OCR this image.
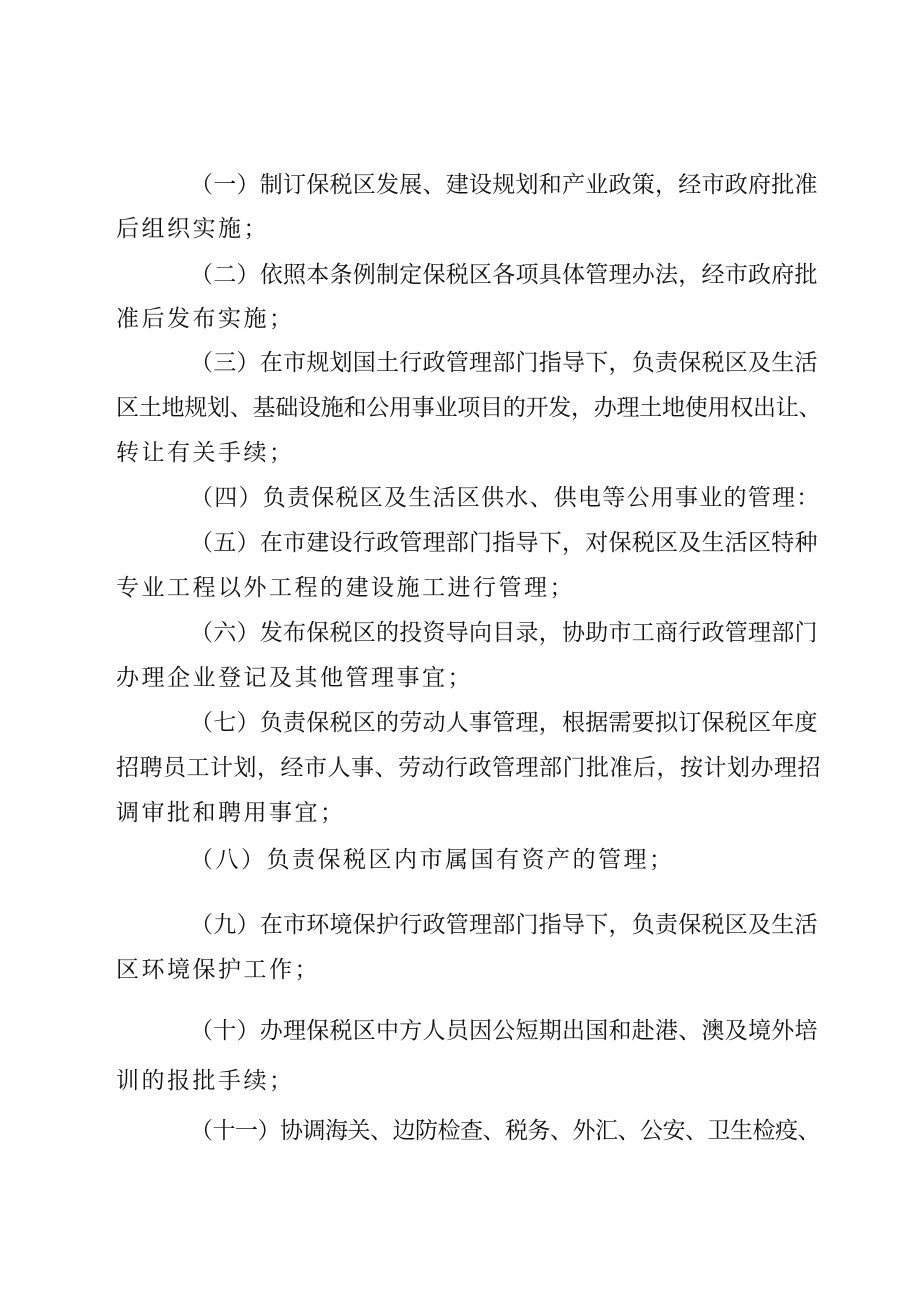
（一）制订保税区发展、建设规划和产业政策，经市政府批准
后组织实施；
（二）依照本条例制定保税区各项具体管理办法，经市政府批
准后发布实施；
（三）在市规划国土行政管理部门指导下，负责保税区及生活
区土地规划、基础设施和公用事业项目的开发，办理土地使用权出让、
转让有关手续；
（四）负责保税区及生活区供水、供电等公用事业的管理：
（五）在市建设行政管理部门指导下，对保税区及生活区特种
专业工程以外工程的建设施工进行管理；
（六）发布保税区的投资导向目录，协助市工商行政管理部门
办理企业登记及其他管理事宜；
（七）负责保税区的劳动人事管理，根据需要拟订保税区年度
招聘员工计划，经市人事、劳动行政管理部门批准后，按计划办理招
调审批和聘用事宜；
（八）负责保税区内市属国有资产的管理；
（九）在市环境保护行政管理部门指导下，负责保税区及生活
区环境保护工作；
（十）办理保税区中方人员因公短期出国和赴港、澳及境外培
训的报批手续；
（十一）协调海关、边防检查、税务、外汇、公安、卫生检疫、
